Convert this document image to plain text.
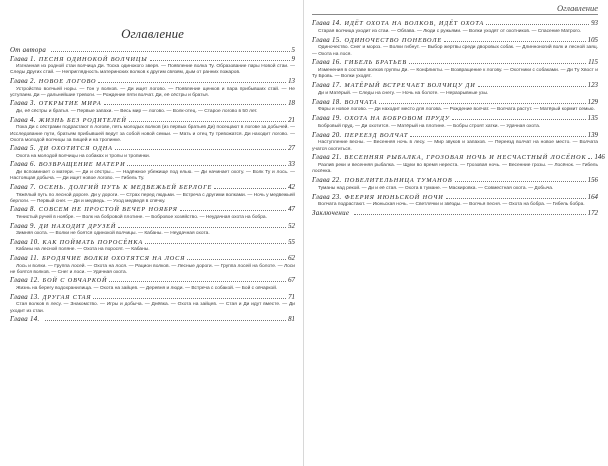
Оглавление
От автора	5
Глава 1. ПЕСНЯ ОДИНОКОЙ ВОЛЧИЦЫ	9
Изгнанная из родной стаи волчица Ди. Тоска одинокого зверя. — Появление волка Ту. Образование пары Новой стаи. — Следы Других стай. — Неприглядность материнских волков к другим связям, дым от ранних пожаров.
Глава 2. НОВОЕ ЛОГОВО	13
Устройство волчьей норы. — Гон у волков. — Ди ищет логово. — Появление щенков и пара прибывших стай. — Не уступаем. Ди — дальнейшие тревоги. — Рождение пяти волчат. Ди, её сёстры и братья.
Глава 3. ОТКРЫТИЕ МИРА	18
Ди, её сёстры и братья. — Первые запахи. — Весь мир — логово. — Волк-отец. — Старое логово в 50 лет.
Глава 4. ЖИЗНЬ БЕЗ РОДИТЕЛЕЙ	21
Пока Ди с сёстрами подрастают в логове, пять молодых волков (из первых братьев Ди) посещают в логове за добычей. — Исследование пути, братьям прибывшей ведут за собой новой семьи. — Мать и отец Ту тревожатся. Ди находит логово. — Охота молодой волчицы за пищей и на тропинке.
Глава 5. ДИ ОХОТИТСЯ ОДНА	27
Охота на молодой волчицы на собаках и тропы и тропинки.
Глава 6. ВОЗВРАЩЕНИЕ МАТЕРИ	33
Ди вспоминает о матери. — Ди и сёстры... — Надёжное убежище под елью. — Ди начинает охоту. — Волк Ту и лось. — Настоящая добыча. — Ди ищет новое логово. — Гибель Ту.
Глава 7. ОСЕНЬ. ДОЛГИЙ ПУТЬ К МЕДВЕЖЬЕЙ БЕРЛОГЕ	42
Тяжёлый путь по лесной дороге. Ди у дороги. — Страх перед людьми. — Встреча с другими волками. — Ночь у медвежьей берлоги. — Первый снег. — Ди и медведь. — Уход медведя в спячку.
Глава 8. СОВСЕМ НЕ ПРОСТОЙ ВЕЧЕР НОЯБРЯ	47
Тенистый ручей в ноябре. — Волк на бобровой плотине. — Бобровое хозяйство. — Неудачная охота на бобра.
Глава 9. ДИ НАХОДИТ ДРУЗЕЙ	52
Зимняя охота. — Волки не боятся одинокой волчицы. — Кабаны. — Неудачная охота.
Глава 10. КАК ПОЙМАТЬ ПОРОСЁНКА	55
Кабаны на лесной поляне. — Охота на поросят. — Кабаны.
Глава 11. БРОДЯЧИЕ ВОЛКИ ОХОТЯТСЯ НА ЛОСЯ	62
Лось и волки. — Группа лосей. — Охота на лося. — Рацион волков. — Лесные дороги. — Группа лосей на болоте. — Лоси не боятся волков. — Снег и лоси. — Удачная охота.
Глава 12. БОЙ С ОВЧАРКОЙ	67
Жизнь на берегу водохранилища. — Охота на зайцев. — Деревня и люди. — Встреча с собакой. — Бой с овчаркой.
Глава 13. ДРУГАЯ СТАЯ	71
Стая волков в лесу. — Знакомство. — Игры и добыча. — Днёвка. — Охота на зайцев. — Стая и Ди идут вместе. — Ди уходит из стаи.
Глава 14.	81
Оглавление
Глава 14. ИДЁТ ОХОТА НА ВОЛКОВ, ИДЁТ ОХОТА	93
Старая волчица уходит из стаи. — Облава. — Люди с ружьями. — Волки уходят от охотников. — Спасение Матрого.
Глава 15. ОДИНОЧЕСТВО ПОНЕВОЛЕ	105
Одиночество. Снег и мороз. — Волки гибнут. — Выбор жертвы среди дворовых собак. — Длинноногий волк и лесной заяц. — Охота на лося.
Глава 16. ГИБЕЛЬ БРАТЬЕВ	115
Изменения в составе волков группы Ди. — Конфликты. — Возвращение к логову. — Охотники с собаками. — Ди Ту Хвост и Ту Бровь. — Волки уходят.
Глава 17. МАТЁРЫЙ ВСТРЕЧАЕТ ВОЛЧИЦУ ДИ	123
Ди и Матёрый. — Следы на снегу. — Ночь на болоте. — Неразрывные узы.
Глава 18. ВОЛЧАТА	129
Фары и новое логово. — Ди находит место для логова. — Рождение волчат. — Волчата растут. — Матёрый кормит семью.
Глава 19. ОХОТА НА БОБРОВОМ ПРУДУ	135
Бобровый пруд. — Ди охотится. — Матёрый на плотине. — Бобры строят хатки. — Удачная охота.
Глава 20. ПЕРЕЕЗД ВОЛЧАТ	139
Наступление весны. — Весенняя ночь в лесу. — Мир звуков и запахов. — Переезд волчат на новое место. — Волчата учатся охотиться.
Глава 21. ВЕСЕННЯЯ РЫБАЛКА, ГРОЗОВАЯ НОЧЬ И НЕСЧАСТНЫЙ ЛОСЁНОК 146
Разлив реки и весенняя рыбалка. — Щуки во время нереста. — Грозовая ночь. — Весенние грозы. — Лосёнок. — Гибель лосёнка.
Глава 22. ПОВЕЛИТЕЛЬНИЦА ТУМАНОВ	156
Туманы над рекой. — Ди и её стая. — Охота в тумане. — Маскировка. — Совместная охота. — Добыча.
Глава 23. ФЕЕРИЯ ИЮНЬСКОЙ НОЧИ	164
Волчата подрастают. — Июньская ночь. — Светлячки и звёзды. — Волчья песня. — Охота на бобра. — Гибель бобра.
Заключение	172
